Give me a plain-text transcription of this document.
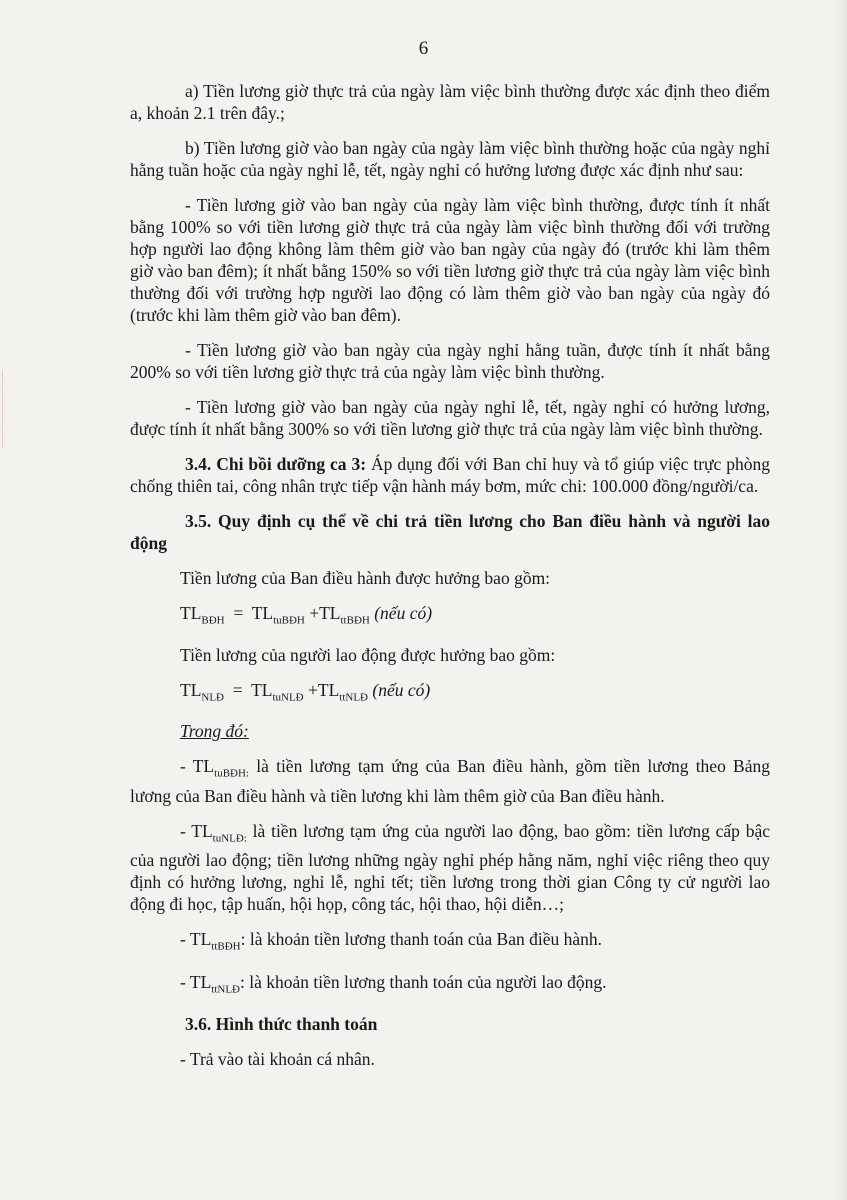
│
│
│
│
│
│
│
│
6

a) Tiền lương giờ thực trả của ngày làm việc bình thường được xác định theo điểm a, khoản 2.1 trên đây.;

b) Tiền lương giờ vào ban ngày của ngày làm việc bình thường hoặc của ngày nghỉ hằng tuần hoặc của ngày nghỉ lễ, tết, ngày nghỉ có hưởng lương được xác định như sau:

- Tiền lương giờ vào ban ngày của ngày làm việc bình thường, được tính ít nhất bằng 100% so với tiền lương giờ thực trả của ngày làm việc bình thường đối với trường hợp người lao động không làm thêm giờ vào ban ngày của ngày đó (trước khi làm thêm giờ vào ban đêm); ít nhất bằng 150% so với tiền lương giờ thực trả của ngày làm việc bình thường đối với trường hợp người lao động có làm thêm giờ vào ban ngày của ngày đó (trước khi làm thêm giờ vào ban đêm).

- Tiền lương giờ vào ban ngày của ngày nghỉ hằng tuần, được tính ít nhất bằng 200% so với tiền lương giờ thực trả của ngày làm việc bình thường.

- Tiền lương giờ vào ban ngày của ngày nghỉ lễ, tết, ngày nghỉ có hưởng lương, được tính ít nhất bằng 300% so với tiền lương giờ thực trả của ngày làm việc bình thường.

3.4. Chi bồi dưỡng ca 3: Áp dụng đối với Ban chỉ huy và tổ giúp việc trực phòng chống thiên tai, công nhân trực tiếp vận hành máy bơm, mức chi: 100.000 đồng/người/ca.

3.5. Quy định cụ thể về chi trả tiền lương cho Ban điều hành và người lao động

Tiền lương của Ban điều hành được hưởng bao gồm:

$TL_{BĐH} = TL_{tuBĐH} +TL_{ttBĐH}$ (nếu có)

Tiền lương của người lao động được hưởng bao gồm:

$TL_{NLĐ} = TL_{tuNLĐ} +TL_{ttNLĐ}$ (nếu có)

Trong đó:

- $TL_{tuBĐH:}$ là tiền lương tạm ứng của Ban điều hành, gồm tiền lương theo Bảng lương của Ban điều hành và tiền lương khi làm thêm giờ của Ban điều hành.

- $TL_{tuNLĐ:}$ là tiền lương tạm ứng của người lao động, bao gồm: tiền lương cấp bậc của người lao động; tiền lương những ngày nghỉ phép hằng năm, nghỉ việc riêng theo quy định có hưởng lương, nghỉ lễ, nghỉ tết; tiền lương trong thời gian Công ty cử người lao động đi học, tập huấn, hội họp, công tác, hội thao, hội diễn…;

- $TL_{ttBĐH}$: là khoản tiền lương thanh toán của Ban điều hành.

- $TL_{ttNLĐ}$: là khoản tiền lương thanh toán của người lao động.

3.6. Hình thức thanh toán

- Trả vào tài khoản cá nhân.
